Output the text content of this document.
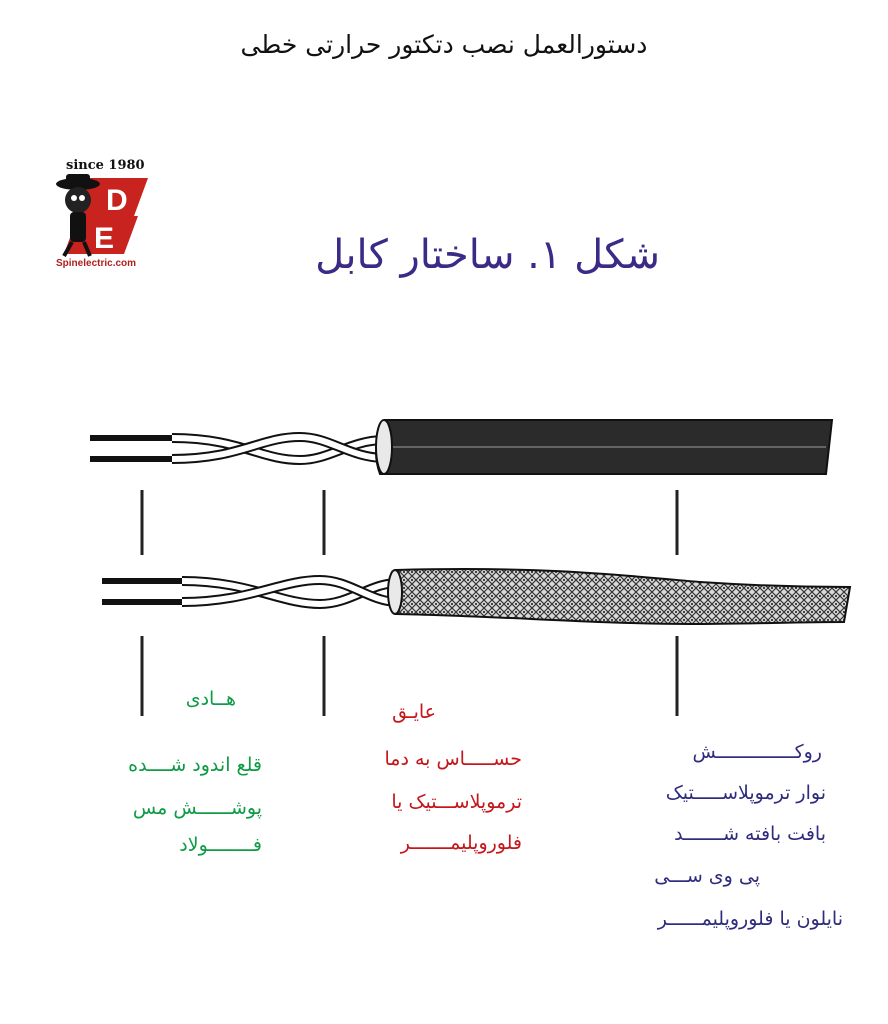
دستورالعمل نصب دتکتور حرارتی خطی
شکل ۱. ساختار کابل
since 1980
D
E
Spinelectric.com
هــادی
قلع اندود شــــده
پوشــــــش مس
فــــــــولاد
عایـق
حســـــاس به دما
ترموپلاســـتیک یا
فلوروپلیمـــــــر
روکــــــــــــــش
نوار ترموپلاســـــتیک
بافت بافته شـــــــد
پی وی ســـی
نایلون یا فلوروپلیمــــــر
